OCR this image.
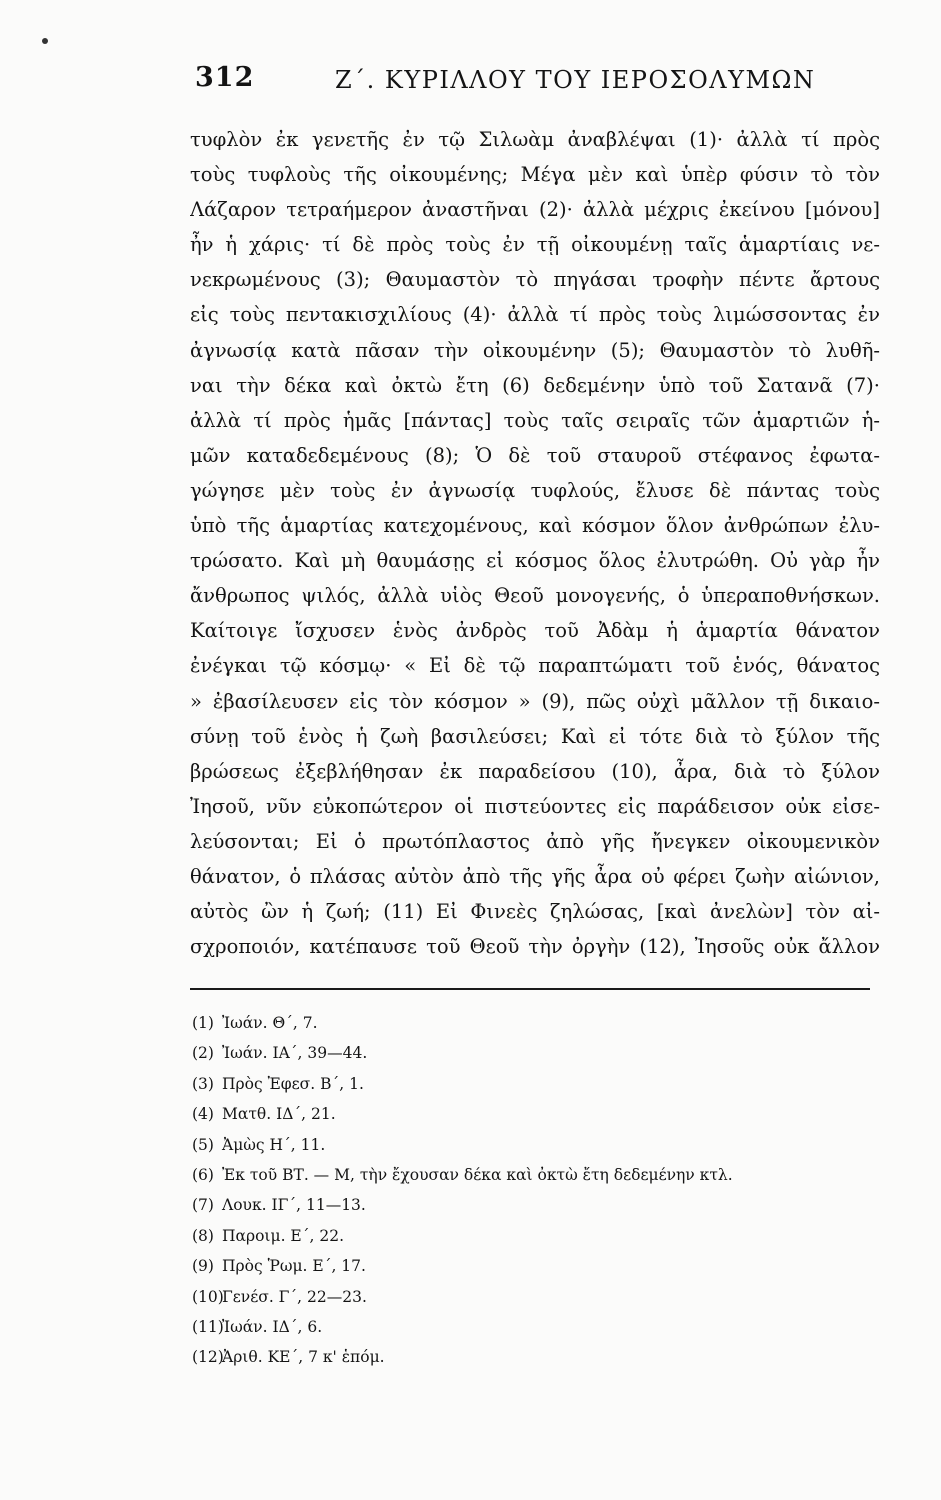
312	Ζ΄. ΚΥΡΙΛΛΟΥ ΤΟΥ ΙΕΡΟΣΟΛΥΜΩΝ
τυφλὸν ἐκ γενετῆς ἐν τῷ Σιλωὰμ ἀναβλέψαι (1)· ἀλλὰ τί πρὸς
τοὺς τυφλοὺς τῆς οἰκουμένης; Μέγα μὲν καὶ ὑπὲρ φύσιν τὸ τὸν
Λάζαρον τετραήμερον ἀναστῆναι (2)· ἀλλὰ μέχρις ἐκείνου [μόνου]
ἦν ἡ χάρις· τί δὲ πρὸς τοὺς ἐν τῇ οἰκουμένῃ ταῖς ἁμαρτίαις νε-
νεκρωμένους (3); Θαυμαστὸν τὸ πηγάσαι τροφὴν πέντε ἄρτους
εἰς τοὺς πεντακισχιλίους (4)· ἀλλὰ τί πρὸς τοὺς λιμώσσοντας ἐν
ἀγνωσίᾳ κατὰ πᾶσαν τὴν οἰκουμένην (5); Θαυμαστὸν τὸ λυθῆ-
ναι τὴν δέκα καὶ ὀκτὼ ἔτη (6) δεδεμένην ὑπὸ τοῦ Σατανᾶ (7)·
ἀλλὰ τί πρὸς ἡμᾶς [πάντας] τοὺς ταῖς σειραῖς τῶν ἁμαρτιῶν ἡ-
μῶν καταδεδεμένους (8); Ὁ δὲ τοῦ σταυροῦ στέφανος ἐφωτα-
γώγησε μὲν τοὺς ἐν ἀγνωσίᾳ τυφλούς, ἔλυσε δὲ πάντας τοὺς
ὑπὸ τῆς ἁμαρτίας κατεχομένους, καὶ κόσμον ὅλον ἀνθρώπων ἐλυ-
τρώσατο. Καὶ μὴ θαυμάσῃς εἰ κόσμος ὅλος ἐλυτρώθη. Οὐ γὰρ ἦν
ἄνθρωπος ψιλός, ἀλλὰ υἱὸς Θεοῦ μονογενής, ὁ ὑπεραποθνήσκων.
Καίτοιγε ἴσχυσεν ἑνὸς ἀνδρὸς τοῦ Ἀδὰμ ἡ ἁμαρτία θάνατον
ἐνέγκαι τῷ κόσμῳ· « Εἰ δὲ τῷ παραπτώματι τοῦ ἑνός, θάνατος
» ἐβασίλευσεν εἰς τὸν κόσμον » (9), πῶς οὐχὶ μᾶλλον τῇ δικαιο-
σύνῃ τοῦ ἑνὸς ἡ ζωὴ βασιλεύσει; Καὶ εἰ τότε διὰ τὸ ξύλον τῆς
βρώσεως ἐξεβλήθησαν ἐκ παραδείσου (10), ἆρα, διὰ τὸ ξύλον
Ἰησοῦ, νῦν εὐκοπώτερον οἱ πιστεύοντες εἰς παράδεισον οὐκ εἰσε-
λεύσονται; Εἰ ὁ πρωτόπλαστος ἀπὸ γῆς ἤνεγκεν οἰκουμενικὸν
θάνατον, ὁ πλάσας αὐτὸν ἀπὸ τῆς γῆς ἆρα οὐ φέρει ζωὴν αἰώνιον,
αὐτὸς ὢν ἡ ζωή; (11) Εἰ Φινεὲς ζηλώσας, [καὶ ἀνελὼν] τὸν αἰ-
σχροποιόν, κατέπαυσε τοῦ Θεοῦ τὴν ὀργὴν (12), Ἰησοῦς οὐκ ἄλλον
(1) Ἰωάν. Θ΄, 7.
(2) Ἰωάν. ΙΑ΄, 39—44.
(3) Πρὸς Ἐφεσ. Β΄, 1.
(4) Ματθ. ΙΔ΄, 21.
(5) Ἀμὼς Η΄, 11.
(6) Ἐκ τοῦ ΒΤ. — Μ, τὴν ἔχουσαν δέκα καὶ ὀκτὼ ἔτη δεδεμένην κτλ.
(7) Λουκ. ΙΓ΄, 11—13.
(8) Παροιμ. Ε΄, 22.
(9) Πρὸς Ῥωμ. Ε΄, 17.
(10)Γενέσ. Γ΄, 22—23.
(11)Ἰωάν. ΙΔ΄, 6.
(12)Ἀριθ. ΚΕ΄, 7 κ' ἑπόμ.
